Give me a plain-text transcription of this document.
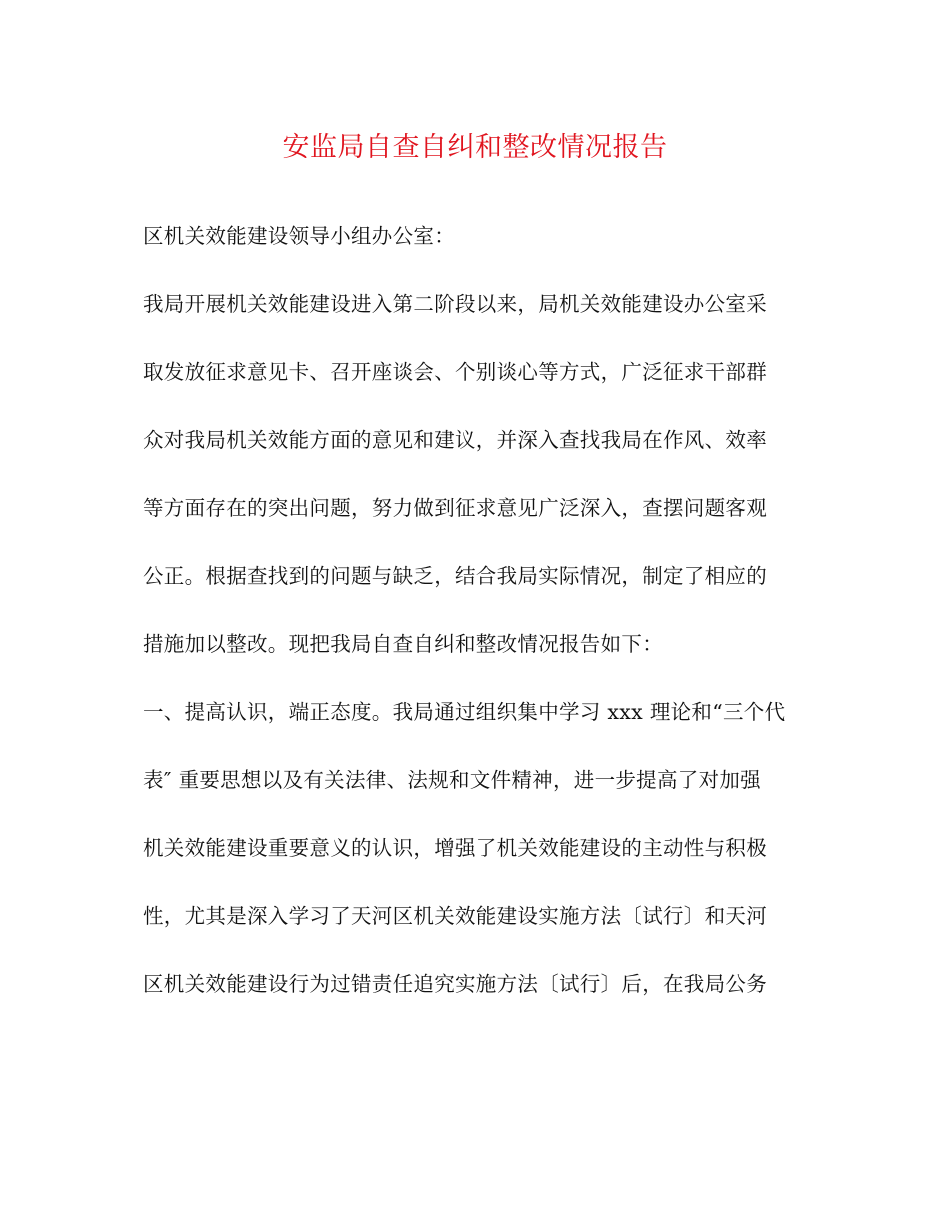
安监局自查自纠和整改情况报告
区机关效能建设领导小组办公室：
我局开展机关效能建设进入第二阶段以来，局机关效能建设办公室采
取发放征求意见卡、召开座谈会、个别谈心等方式，广泛征求干部群
众对我局机关效能方面的意见和建议，并深入查找我局在作风、效率
等方面存在的突出问题，努力做到征求意见广泛深入，查摆问题客观
公正。根据查找到的问题与缺乏，结合我局实际情况，制定了相应的
措施加以整改。现把我局自查自纠和整改情况报告如下：
一、提高认识，端正态度。我局通过组织集中学习 xxx 理论和“三个代
表″ 重要思想以及有关法律、法规和文件精神，进一步提高了对加强
机关效能建设重要意义的认识，增强了机关效能建设的主动性与积极
性，尤其是深入学习了天河区机关效能建设实施方法〔试行〕和天河
区机关效能建设行为过错责任追究实施方法〔试行〕后，在我局公务
